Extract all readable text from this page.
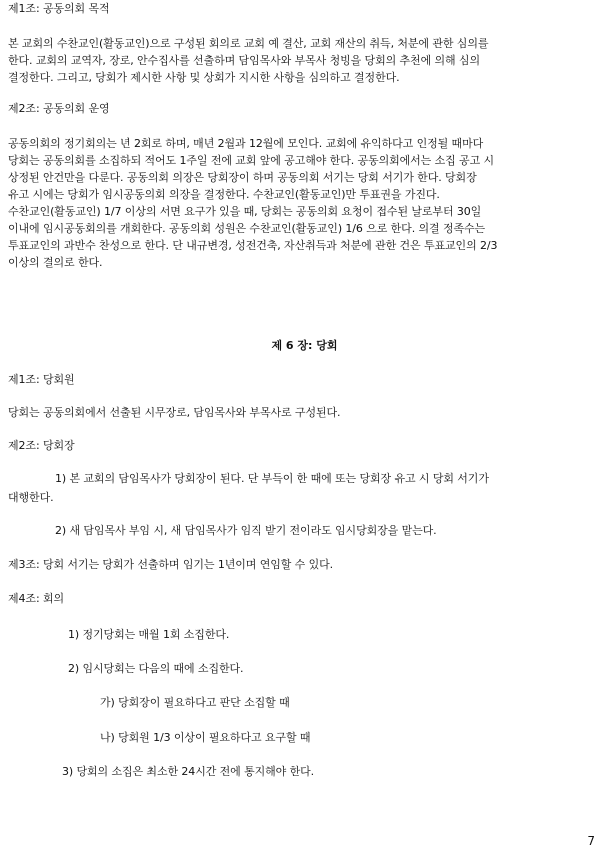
제1조: 공동의회 목적
본 교회의 수찬교인(활동교인)으로 구성된 회의로 교회 예 결산, 교회 재산의 취득, 처분에 관한 심의를
한다. 교회의 교역자, 장로, 안수집사를 선출하며 담임목사와 부목사 청빙을 당회의 추천에 의해 심의
결정한다. 그리고, 당회가 제시한 사항 및 상회가 지시한 사항을 심의하고 결정한다.
제2조: 공동의회 운영
공동의회의 정기회의는 년 2회로 하며, 매년 2월과 12월에 모인다. 교회에 유익하다고 인정될 때마다
당회는 공동의회를 소집하되 적어도 1주일 전에 교회 앞에 공고해야 한다. 공동의회에서는 소집 공고 시
상정된 안건만을 다룬다. 공동의회 의장은 당회장이 하며 공동의회 서기는 당회 서기가 한다. 당회장
유고 시에는 당회가 임시공동의회 의장을 결정한다. 수찬교인(활동교인)만 투표권을 가진다.
수찬교인(활동교인) 1/7 이상의 서면 요구가 있을 때, 당회는 공동의회 요청이 접수된 날로부터 30일
이내에 임시공동회의를 개회한다. 공동의회 성원은 수찬교인(활동교인) 1/6 으로 한다. 의결 정족수는
투표교인의 과반수 찬성으로 한다. 단 내규변경, 성전건축, 자산취득과 처분에 관한 건은 투표교인의 2/3
이상의 결의로 한다.
제 6 장: 당회
제1조: 당회원
당회는 공동의회에서 선출된 시무장로, 담임목사와 부목사로 구성된다.
제2조: 당회장
1) 본 교회의 담임목사가 당회장이 된다. 단 부득이 한 때에 또는 당회장 유고 시 당회 서기가
대행한다.
2) 새 담임목사 부임 시, 새 담임목사가 임직 받기 전이라도 임시당회장을 맡는다.
제3조: 당회 서기는 당회가 선출하며 임기는 1년이며 연임할 수 있다.
제4조: 회의
1) 정기당회는 매월 1회 소집한다.
2) 임시당회는 다음의 때에 소집한다.
가) 당회장이 필요하다고 판단 소집할 때
나) 당회원 1/3 이상이 필요하다고 요구할 때
3) 당회의 소집은 최소한 24시간 전에 통지해야 한다.
7
